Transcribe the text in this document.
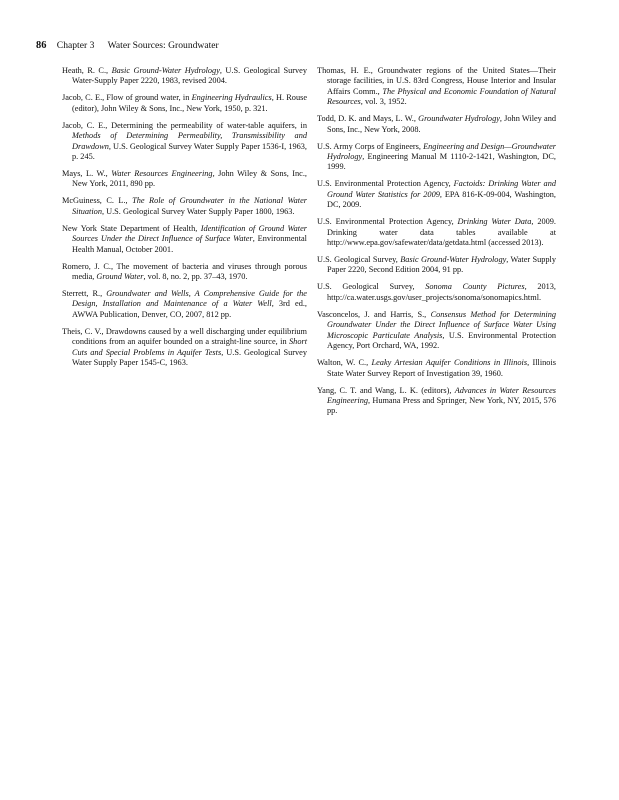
86 Chapter 3 Water Sources: Groundwater

Heath, R. C., Basic Ground-Water Hydrology, U.S. Geological Survey Water-Supply Paper 2220, 1983, revised 2004.

Jacob, C. E., Flow of ground water, in Engineering Hydraulics, H. Rouse (editor), John Wiley & Sons, Inc., New York, 1950, p. 321.

Jacob, C. E., Determining the permeability of water-table aquifers, in Methods of Determining Permeability, Transmissibility and Drawdown, U.S. Geological Survey Water Supply Paper 1536-I, 1963, p. 245.

Mays, L. W., Water Resources Engineering, John Wiley & Sons, Inc., New York, 2011, 890 pp.

McGuiness, C. L., The Role of Groundwater in the National Water Situation, U.S. Geological Survey Water Supply Paper 1800, 1963.

New York State Department of Health, Identification of Ground Water Sources Under the Direct Influence of Surface Water, Environmental Health Manual, October 2001.

Romero, J. C., The movement of bacteria and viruses through porous media, Ground Water, vol. 8, no. 2, pp. 37–43, 1970.

Sterrett, R., Groundwater and Wells, A Comprehensive Guide for the Design, Installation and Maintenance of a Water Well, 3rd ed., AWWA Publication, Denver, CO, 2007, 812 pp.

Theis, C. V., Drawdowns caused by a well discharging under equilibrium conditions from an aquifer bounded on a straight-line source, in Short Cuts and Special Problems in Aquifer Tests, U.S. Geological Survey Water Supply Paper 1545-C, 1963.

Thomas, H. E., Groundwater regions of the United States—Their storage facilities, in U.S. 83rd Congress, House Interior and Insular Affairs Comm., The Physical and Economic Foundation of Natural Resources, vol. 3, 1952.

Todd, D. K. and Mays, L. W., Groundwater Hydrology, John Wiley and Sons, Inc., New York, 2008.

U.S. Army Corps of Engineers, Engineering and Design—Groundwater Hydrology, Engineering Manual M 1110-2-1421, Washington, DC, 1999.

U.S. Environmental Protection Agency, Factoids: Drinking Water and Ground Water Statistics for 2009, EPA 816-K-09-004, Washington, DC, 2009.

U.S. Environmental Protection Agency, Drinking Water Data, 2009. Drinking water data tables available at http://www.epa.gov/safewater/data/getdata.html (accessed 2013).

U.S. Geological Survey, Basic Ground-Water Hydrology, Water Supply Paper 2220, Second Edition 2004, 91 pp.

U.S. Geological Survey, Sonoma County Pictures, 2013, http://ca.water.usgs.gov/user_projects/sonoma/sonomapics.html.

Vasconcelos, J. and Harris, S., Consensus Method for Determining Groundwater Under the Direct Influence of Surface Water Using Microscopic Particulate Analysis, U.S. Environmental Protection Agency, Port Orchard, WA, 1992.

Walton, W. C., Leaky Artesian Aquifer Conditions in Illinois, Illinois State Water Survey Report of Investigation 39, 1960.

Yang, C. T. and Wang, L. K. (editors), Advances in Water Resources Engineering, Humana Press and Springer, New York, NY, 2015, 576 pp.
